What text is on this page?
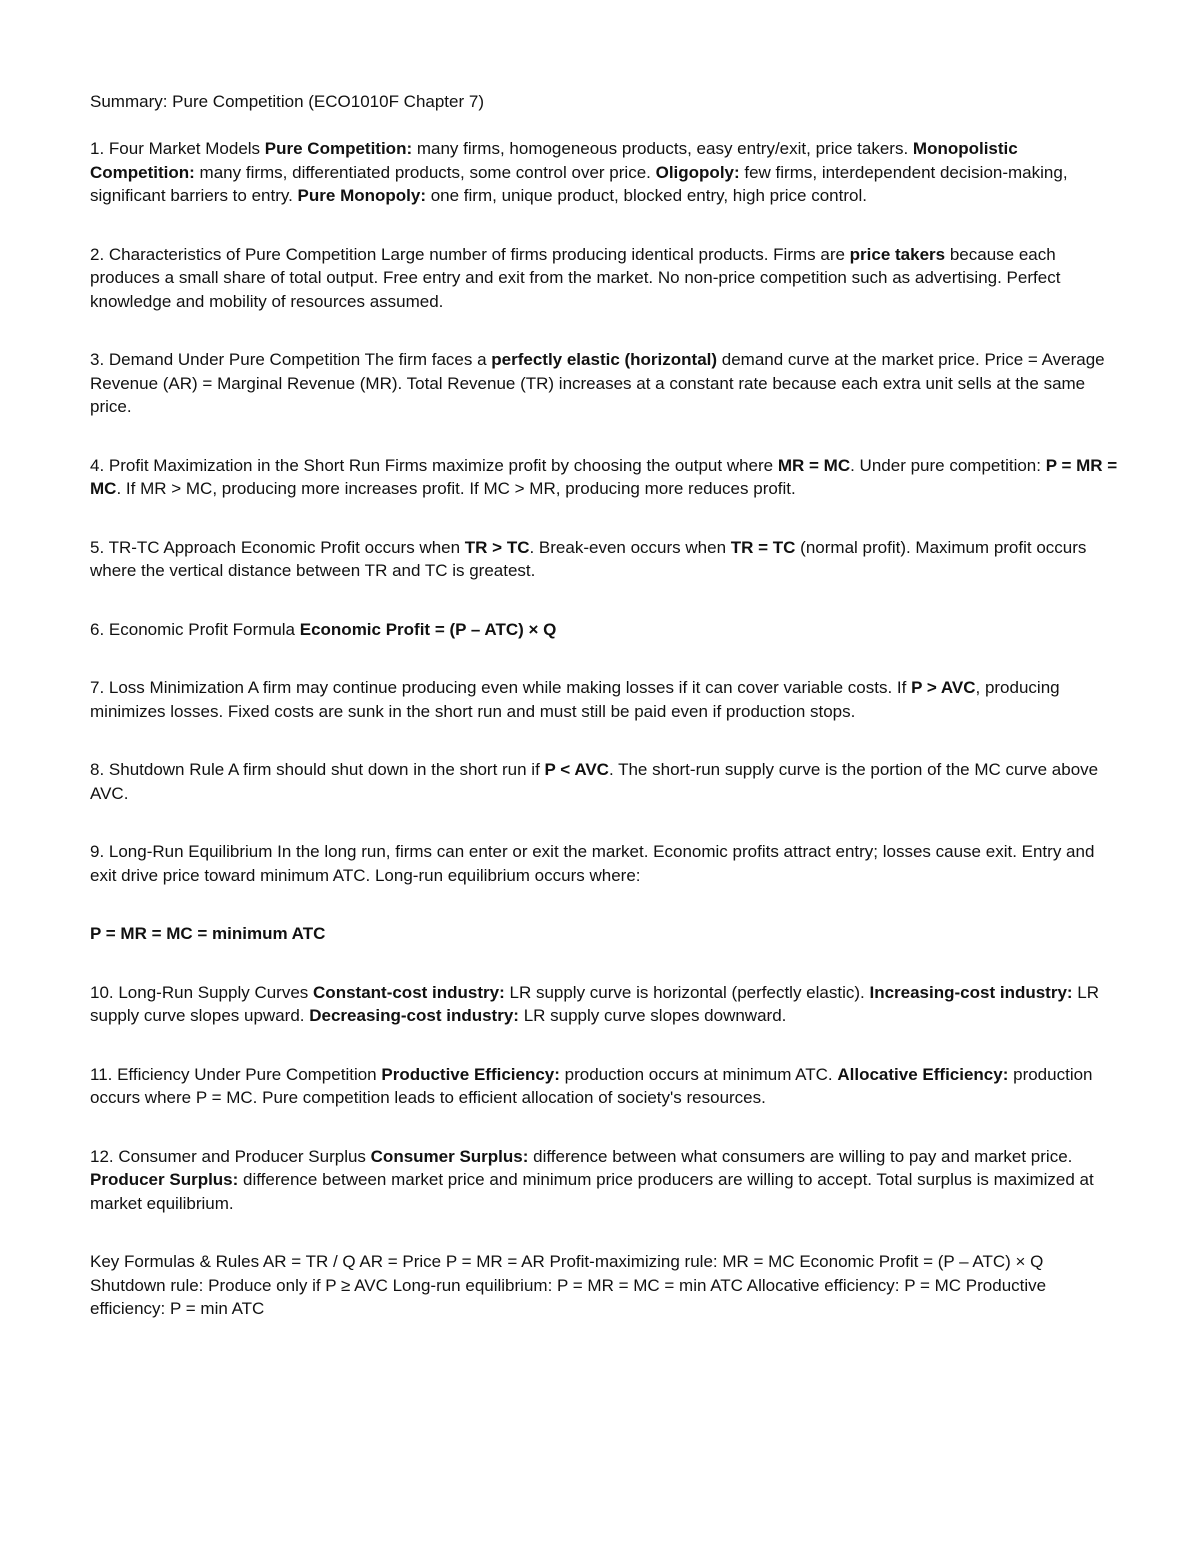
Summary: Pure Competition (ECO1010F Chapter 7)
1. Four Market Models Pure Competition: many firms, homogeneous products, easy entry/exit, price takers. Monopolistic Competition: many firms, differentiated products, some control over price. Oligopoly: few firms, interdependent decision-making, significant barriers to entry. Pure Monopoly: one firm, unique product, blocked entry, high price control.
2. Characteristics of Pure Competition Large number of firms producing identical products. Firms are price takers because each produces a small share of total output. Free entry and exit from the market. No non-price competition such as advertising. Perfect knowledge and mobility of resources assumed.
3. Demand Under Pure Competition The firm faces a perfectly elastic (horizontal) demand curve at the market price. Price = Average Revenue (AR) = Marginal Revenue (MR). Total Revenue (TR) increases at a constant rate because each extra unit sells at the same price.
4. Profit Maximization in the Short Run Firms maximize profit by choosing the output where MR = MC. Under pure competition: P = MR = MC. If MR > MC, producing more increases profit. If MC > MR, producing more reduces profit.
5. TR-TC Approach Economic Profit occurs when TR > TC. Break-even occurs when TR = TC (normal profit). Maximum profit occurs where the vertical distance between TR and TC is greatest.
6. Economic Profit Formula Economic Profit = (P – ATC) × Q
7. Loss Minimization A firm may continue producing even while making losses if it can cover variable costs. If P > AVC, producing minimizes losses. Fixed costs are sunk in the short run and must still be paid even if production stops.
8. Shutdown Rule A firm should shut down in the short run if P < AVC. The short-run supply curve is the portion of the MC curve above AVC.
9. Long-Run Equilibrium In the long run, firms can enter or exit the market. Economic profits attract entry; losses cause exit. Entry and exit drive price toward minimum ATC. Long-run equilibrium occurs where:
P = MR = MC = minimum ATC
10. Long-Run Supply Curves Constant-cost industry: LR supply curve is horizontal (perfectly elastic). Increasing-cost industry: LR supply curve slopes upward. Decreasing-cost industry: LR supply curve slopes downward.
11. Efficiency Under Pure Competition Productive Efficiency: production occurs at minimum ATC. Allocative Efficiency: production occurs where P = MC. Pure competition leads to efficient allocation of society's resources.
12. Consumer and Producer Surplus Consumer Surplus: difference between what consumers are willing to pay and market price. Producer Surplus: difference between market price and minimum price producers are willing to accept. Total surplus is maximized at market equilibrium.
Key Formulas & Rules AR = TR / Q AR = Price P = MR = AR Profit-maximizing rule: MR = MC Economic Profit = (P – ATC) × Q Shutdown rule: Produce only if P ≥ AVC Long-run equilibrium: P = MR = MC = min ATC Allocative efficiency: P = MC Productive efficiency: P = min ATC
